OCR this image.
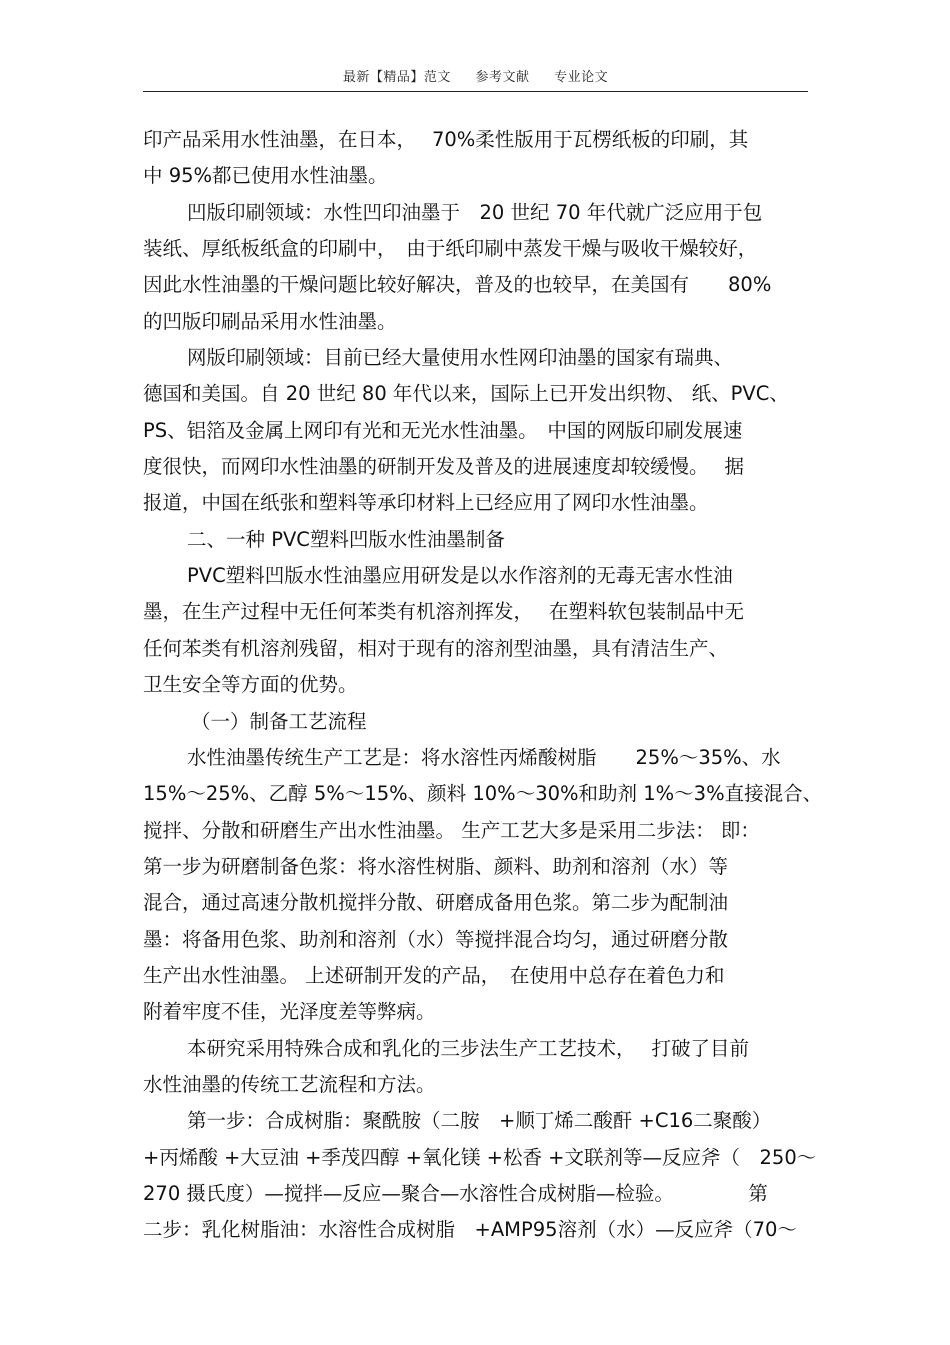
最新【精品】范文 参考文献 专业论文
印产品采用水性油墨，在日本，　 70%柔性版用于瓦楞纸板的印刷，其
中 95%都已使用水性油墨。
凹版印刷领域：水性凹印油墨于　20 世纪 70 年代就广泛应用于包
装纸、厚纸板纸盒的印刷中，　由于纸印刷中蒸发干燥与吸收干燥较好，
因此水性油墨的干燥问题比较好解决，普及的也较早，在美国有　　80%
的凹版印刷品采用水性油墨。
网版印刷领域：目前已经大量使用水性网印油墨的国家有瑞典、
德国和美国。自 20 世纪 80 年代以来，国际上已开发出织物、 纸、PVC、
PS、铝箔及金属上网印有光和无光水性油墨。　中国的网版印刷发展速
度很快，而网印水性油墨的研制开发及普及的进展速度却较缓慢。　 据
报道，中国在纸张和塑料等承印材料上已经应用了网印水性油墨。
二、一种 PVC塑料凹版水性油墨制备
PVC塑料凹版水性油墨应用研发是以水作溶剂的无毒无害水性油
墨，在生产过程中无任何苯类有机溶剂挥发，　 在塑料软包装制品中无
任何苯类有机溶剂残留，相对于现有的溶剂型油墨，具有清洁生产、
卫生安全等方面的优势。
（一）制备工艺流程
水性油墨传统生产工艺是：将水溶性丙烯酸树脂　　25%～35%、水
15%～25%、乙醇 5%～15%、颜料 10%～30%和助剂 1%～3%直接混合、
搅拌、分散和研磨生产出水性油墨。 生产工艺大多是采用二步法： 即：
第一步为研磨制备色浆：将水溶性树脂、颜料、助剂和溶剂（水）等
混合，通过高速分散机搅拌分散、研磨成备用色浆。第二步为配制油
墨：将备用色浆、助剂和溶剂（水）等搅拌混合均匀，通过研磨分散
生产出水性油墨。 上述研制开发的产品，　在使用中总存在着色力和
附着牢度不佳，光泽度差等弊病。
本研究采用特殊合成和乳化的三步法生产工艺技术，　 打破了目前
水性油墨的传统工艺流程和方法。
第一步：合成树脂：聚酰胺（二胺　+顺丁烯二酸酐 +C16二聚酸）
+丙烯酸 +大豆油 +季茂四醇 +氧化镁 +松香 +文联剂等—反应斧（　250～
270 摄氏度）—搅拌—反应—聚合—水溶性合成树脂—检验。　　　　 第
二步：乳化树脂油：水溶性合成树脂　+AMP95溶剂（水）—反应斧（70～
